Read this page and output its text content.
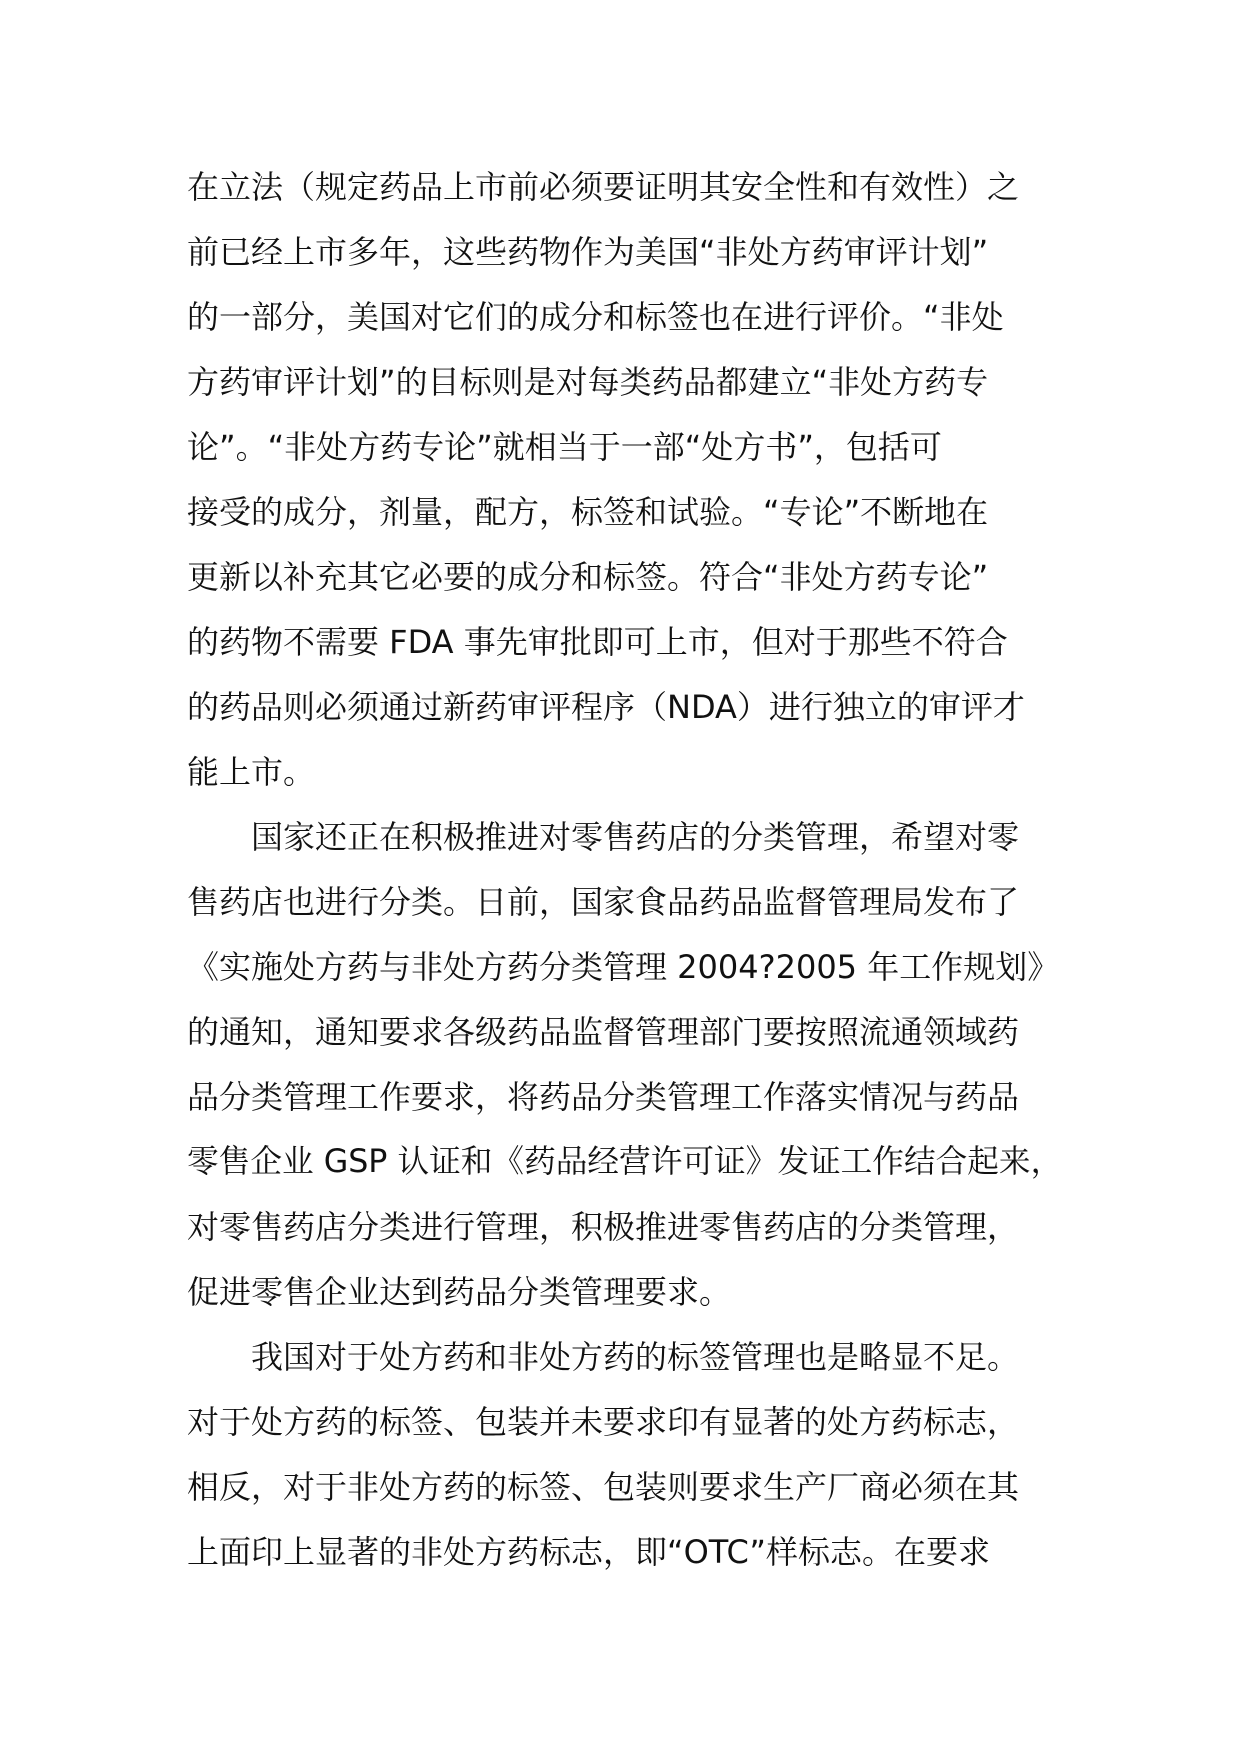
在立法（规定药品上市前必须要证明其安全性和有效性）之
前已经上市多年，这些药物作为美国“非处方药审评计划”
的一部分，美国对它们的成分和标签也在进行评价。“非处
方药审评计划”的目标则是对每类药品都建立“非处方药专
论”。“非处方药专论”就相当于一部“处方书”，包括可
接受的成分，剂量，配方，标签和试验。“专论”不断地在
更新以补充其它必要的成分和标签。符合“非处方药专论”
的药物不需要 FDA 事先审批即可上市，但对于那些不符合
的药品则必须通过新药审评程序（NDA）进行独立的审评才
能上市。
　　国家还正在积极推进对零售药店的分类管理，希望对零
售药店也进行分类。日前，国家食品药品监督管理局发布了
《实施处方药与非处方药分类管理 2004?2005 年工作规划》
的通知，通知要求各级药品监督管理部门要按照流通领域药
品分类管理工作要求，将药品分类管理工作落实情况与药品
零售企业 GSP 认证和《药品经营许可证》发证工作结合起来，
对零售药店分类进行管理，积极推进零售药店的分类管理，
促进零售企业达到药品分类管理要求。
　　我国对于处方药和非处方药的标签管理也是略显不足。
对于处方药的标签、包装并未要求印有显著的处方药标志，
相反，对于非处方药的标签、包装则要求生产厂商必须在其
上面印上显著的非处方药标志，即“OTC”样标志。在要求
